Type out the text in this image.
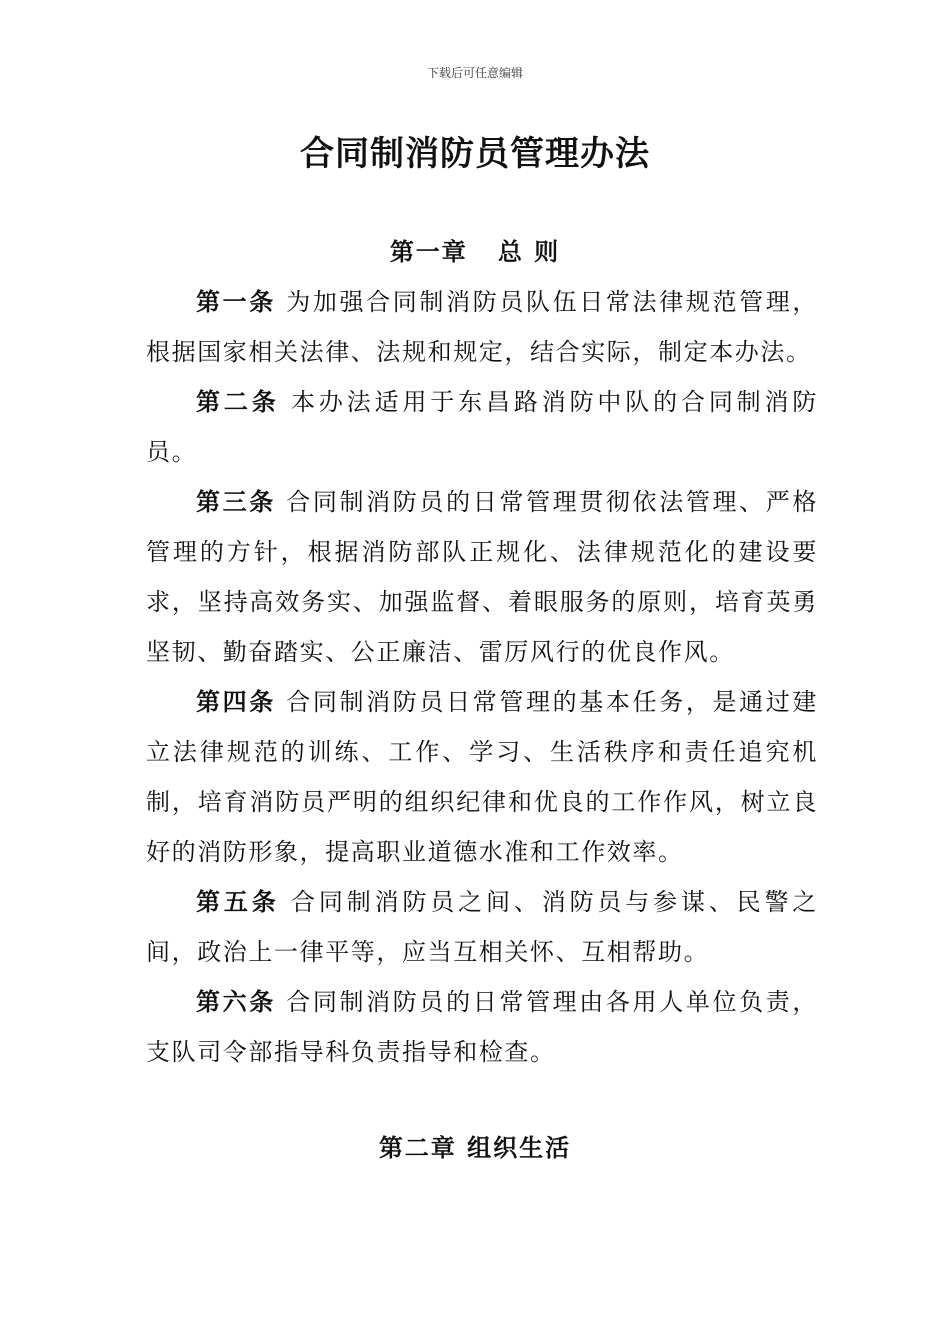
下载后可任意编辑
合同制消防员管理办法
第一章 总 则

第一条 为加强合同制消防员队伍日常法律规范管理，根据国家相关法律、法规和规定，结合实际，制定本办法。

第二条 本办法适用于东昌路消防中队的合同制消防员。

第三条 合同制消防员的日常管理贯彻依法管理、严格管理的方针，根据消防部队正规化、法律规范化的建设要求，坚持高效务实、加强监督、着眼服务的原则，培育英勇坚韧、勤奋踏实、公正廉洁、雷厉风行的优良作风。

第四条 合同制消防员日常管理的基本任务，是通过建立法律规范的训练、工作、学习、生活秩序和责任追究机制，培育消防员严明的组织纪律和优良的工作作风，树立良好的消防形象，提高职业道德水准和工作效率。

第五条 合同制消防员之间、消防员与参谋、民警之间，政治上一律平等，应当互相关怀、互相帮助。

第六条 合同制消防员的日常管理由各用人单位负责，支队司令部指导科负责指导和检查。

第二章 组织生活
